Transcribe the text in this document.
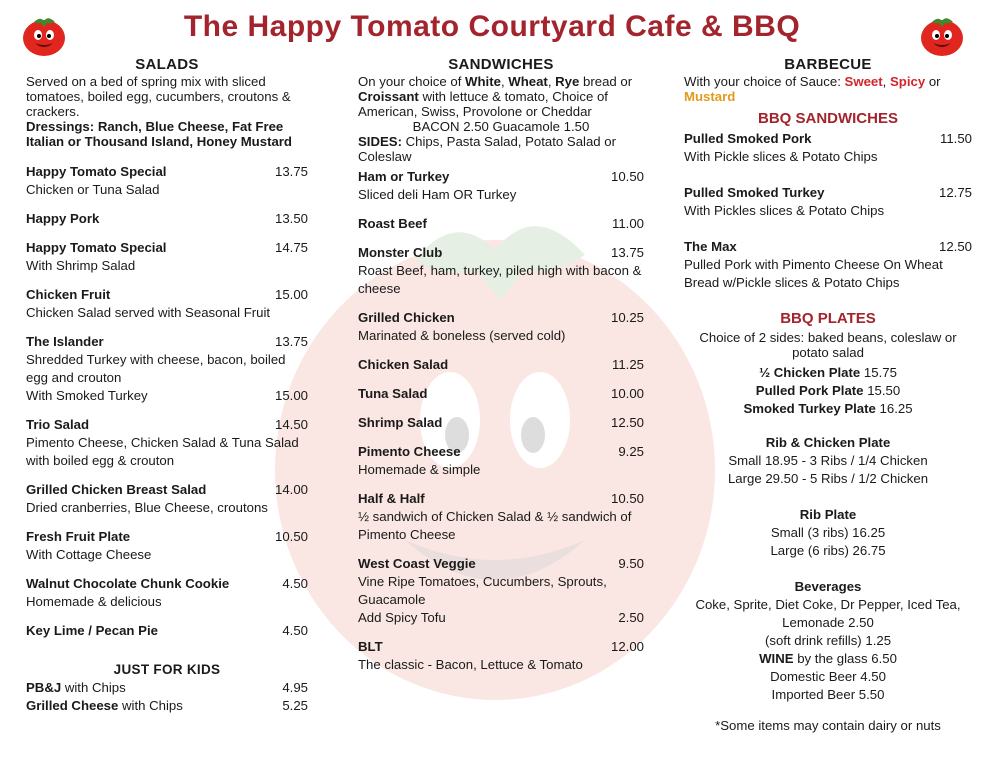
The Happy Tomato Courtyard Cafe & BBQ
SALADS
Served on a bed of spring mix with sliced tomatoes, boiled egg, cucumbers, croutons & crackers.
Dressings: Ranch, Blue Cheese, Fat Free Italian or Thousand Island, Honey Mustard
Happy Tomato Special	13.75
Chicken or Tuna Salad
Happy Pork	13.50
Happy Tomato Special	14.75
With Shrimp Salad
Chicken Fruit	15.00
Chicken Salad served with Seasonal Fruit
The Islander	13.75
Shredded Turkey with cheese, bacon, boiled egg and crouton
With Smoked Turkey	15.00
Trio Salad	14.50
Pimento Cheese, Chicken Salad & Tuna Salad with boiled egg & crouton
Grilled Chicken Breast Salad	14.00
Dried cranberries, Blue Cheese, croutons
Fresh Fruit Plate	10.50
With Cottage Cheese
Walnut Chocolate Chunk Cookie	4.50
Homemade & delicious
Key Lime / Pecan Pie	4.50
JUST FOR KIDS
PB&J with Chips	4.95
Grilled Cheese with Chips	5.25
SANDWICHES
On your choice of White, Wheat, Rye bread or Croissant with lettuce & tomato, Choice of American, Swiss, Provolone or Cheddar
BACON 2.50 Guacamole 1.50
SIDES: Chips, Pasta Salad, Potato Salad or Coleslaw
Ham or Turkey	10.50
Sliced deli Ham OR Turkey
Roast Beef	11.00
Monster Club	13.75
Roast Beef, ham, turkey, piled high with bacon & cheese
Grilled Chicken	10.25
Marinated & boneless (served cold)
Chicken Salad	11.25
Tuna Salad	10.00
Shrimp Salad	12.50
Pimento Cheese	9.25
Homemade & simple
Half & Half	10.50
½ sandwich of Chicken Salad & ½ sandwich of Pimento Cheese
West Coast Veggie	9.50
Vine Ripe Tomatoes, Cucumbers, Sprouts, Guacamole
Add Spicy Tofu	2.50
BLT	12.00
The classic - Bacon, Lettuce & Tomato
BARBECUE
With your choice of Sauce: Sweet, Spicy or
Mustard
BBQ SANDWICHES
Pulled Smoked Pork	11.50
With Pickle slices & Potato Chips
Pulled Smoked Turkey	12.75
With Pickles slices & Potato Chips
The Max	12.50
Pulled Pork with Pimento Cheese On Wheat Bread w/Pickle slices & Potato Chips
BBQ PLATES
Choice of 2 sides: baked beans, coleslaw or potato salad
½ Chicken Plate 15.75
Pulled Pork Plate 15.50
Smoked Turkey Plate 16.25
Rib & Chicken Plate
Small 18.95 - 3 Ribs / 1/4 Chicken
Large 29.50 - 5 Ribs / 1/2 Chicken
Rib Plate
Small (3 ribs) 16.25
Large (6 ribs) 26.75
Beverages
Coke, Sprite, Diet Coke, Dr Pepper, Iced Tea, Lemonade 2.50
(soft drink refills) 1.25
WINE by the glass 6.50
Domestic Beer 4.50
Imported Beer 5.50
*Some items may contain dairy or nuts
